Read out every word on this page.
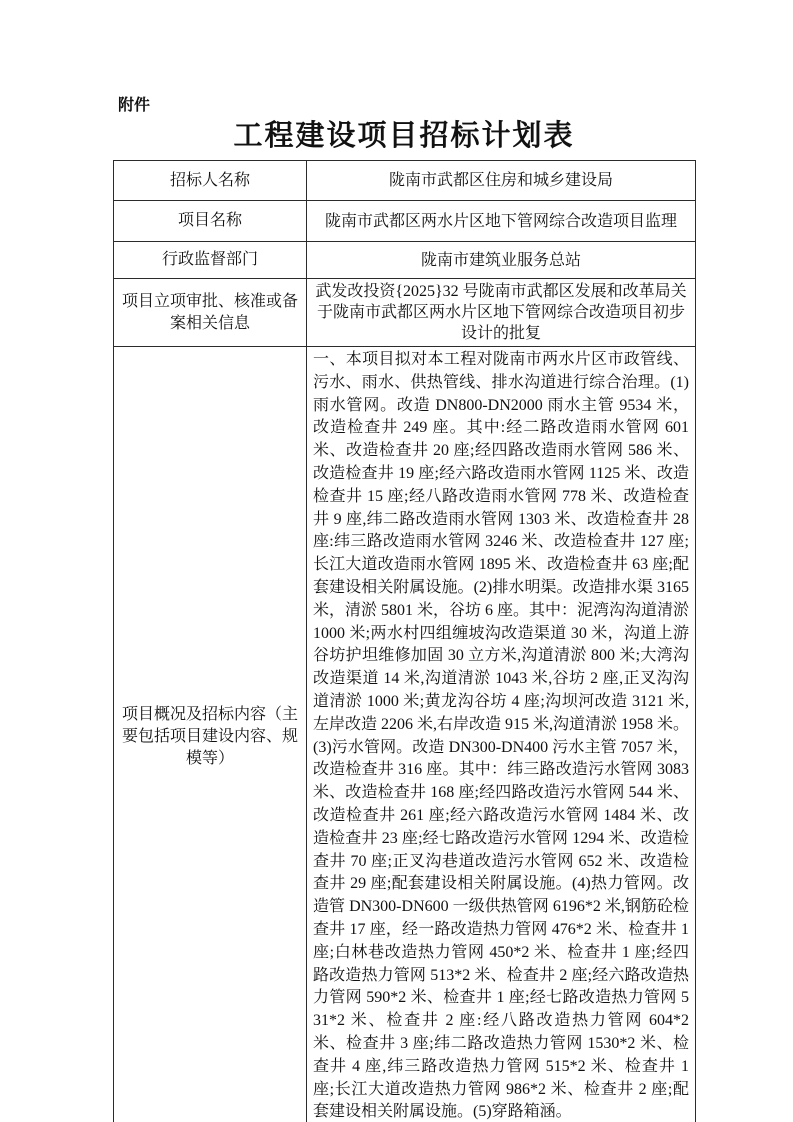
附件
工程建设项目招标计划表
招标人名称	陇南市武都区住房和城乡建设局
项目名称	陇南市武都区两水片区地下管网综合改造项目监理
行政监督部门	陇南市建筑业服务总站
项目立项审批、核准或备案相关信息	武发改投资{2025}32 号陇南市武都区发展和改革局关于陇南市武都区两水片区地下管网综合改造项目初步设计的批复
项目概况及招标内容（主要包括项目建设内容、规模等）	一、本项目拟对本工程对陇南市两水片区市政管线、污水、雨水、供热管线、排水沟道进行综合治理。(1)雨水管网。改造 DN800-DN2000 雨水主管 9534 米，改造检查井 249 座。其中:经二路改造雨水管网 601 米、改造检查井 20 座;经四路改造雨水管网 586 米、改造检查井 19 座;经六路改造雨水管网 1125 米、改造检查井 15 座;经八路改造雨水管网 778 米、改造检查井 9 座,纬二路改造雨水管网 1303 米、改造检查井 28 座:纬三路改造雨水管网 3246 米、改造检查井 127 座;长江大道改造雨水管网 1895 米、改造检查井 63 座;配套建设相关附属设施。(2)排水明渠。改造排水渠 3165 米，清淤 5801 米，谷坊 6 座。其中：泥湾沟沟道清淤 1000 米;两水村四组缠坡沟改造渠道 30 米，沟道上游谷坊护坦维修加固 30 立方米,沟道清淤 800 米;大湾沟改造渠道 14 米,沟道清淤 1043 米,谷坊 2 座,正叉沟沟道清淤 1000 米;黄龙沟谷坊 4 座;沟坝河改造 3121 米,左岸改造 2206 米,右岸改造 915 米,沟道清淤 1958 米。(3)污水管网。改造 DN300-DN400 污水主管 7057 米，改造检查井 316 座。其中：纬三路改造污水管网 3083 米、改造检查井 168 座;经四路改造污水管网 544 米、改造检查井 261 座;经六路改造污水管网 1484 米、改造检查井 23 座;经七路改造污水管网 1294 米、改造检查井 70 座;正叉沟巷道改造污水管网 652 米、改造检查井 29 座;配套建设相关附属设施。(4)热力管网。改造管 DN300-DN600 一级供热管网 6196*2 米,钢筋砼检查井 17 座，经一路改造热力管网 476*2 米、检查井 1 座;白林巷改造热力管网 450*2 米、检查井 1 座;经四路改造热力管网 513*2 米、检查井 2 座;经六路改造热力管网 590*2 米、检查井 1 座;经七路改造热力管网 531*2 米、检查井 2 座:经八路改造热力管网 604*2 米、检查井 3 座;纬二路改造热力管网 1530*2 米、检查井 4 座,纬三路改造热力管网 515*2 米、检查井 1 座;长江大道改造热力管网 986*2 米、检查井 2 座;配套建设相关附属设施。(5)穿路箱涵。
